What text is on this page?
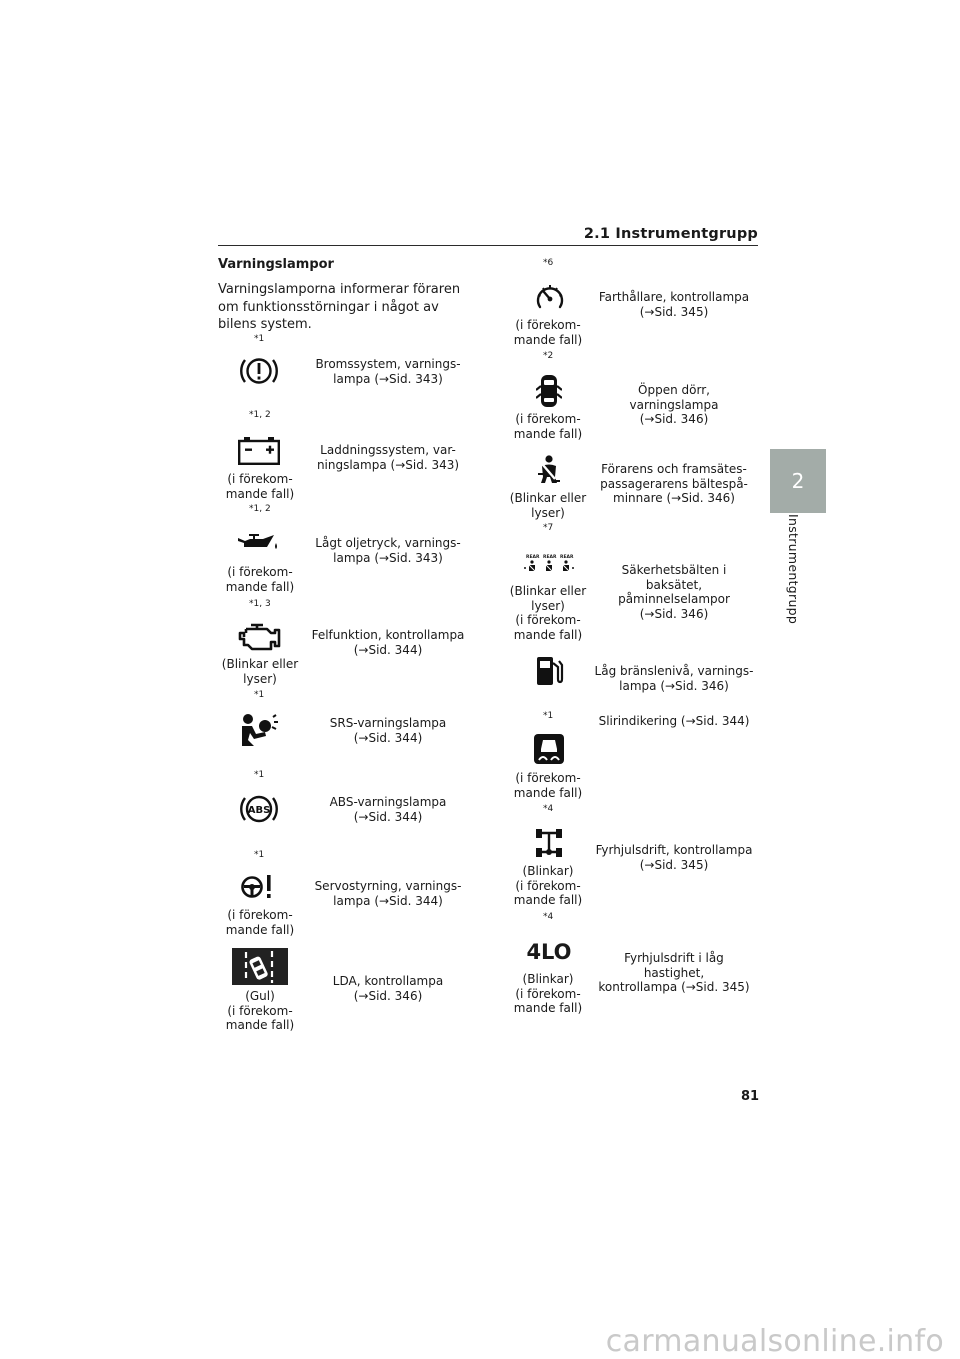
2.1 Instrumentgrupp
2
Instrumentgrupp
Varningslampor
Varningslamporna informerar föraren om funktionsstörningar i något av bilens system.
*1
Bromssystem, varnings-
lampa (→Sid. 343)
*1, 2
(i förekom-
mande fall)
Laddningssystem, var-
ningslampa (→Sid. 343)
*1, 2
(i förekom-
mande fall)
Lågt oljetryck, varnings-
lampa (→Sid. 343)
*1, 3
(Blinkar eller
lyser)
Felfunktion, kontrollampa
(→Sid. 344)
*1
SRS-varningslampa
(→Sid. 344)
*1
ABS
ABS-varningslampa
(→Sid. 344)
*1
(i förekom-
mande fall)
Servostyrning, varnings-
lampa (→Sid. 344)
(Gul)
(i förekom-
mande fall)
LDA, kontrollampa
(→Sid. 346)
*6
(i förekom-
mande fall)
Farthållare, kontrollampa
(→Sid. 345)
*2
(i förekom-
mande fall)
Öppen dörr, varningslampa
(→Sid. 346)
(Blinkar eller
lyser)
Förarens och framsätes-
passagerarens bältespå-
minnare (→Sid. 346)
*7
REAR REAR REAR
(Blinkar eller
lyser)
(i förekom-
mande fall)
Säkerhetsbälten i baksätet,
påminnelselampor
(→Sid. 346)
Låg bränslenivå, varnings-
lampa (→Sid. 346)
*1
(i förekom-
mande fall)
Slirindikering (→Sid. 344)
*4
(Blinkar)
(i förekom-
mande fall)
Fyrhjulsdrift, kontrollampa
(→Sid. 345)
*4
4LO
(Blinkar)
(i förekom-
mande fall)
Fyrhjulsdrift i låg hastighet,
kontrollampa (→Sid. 345)
81
carmanualsonline.info
